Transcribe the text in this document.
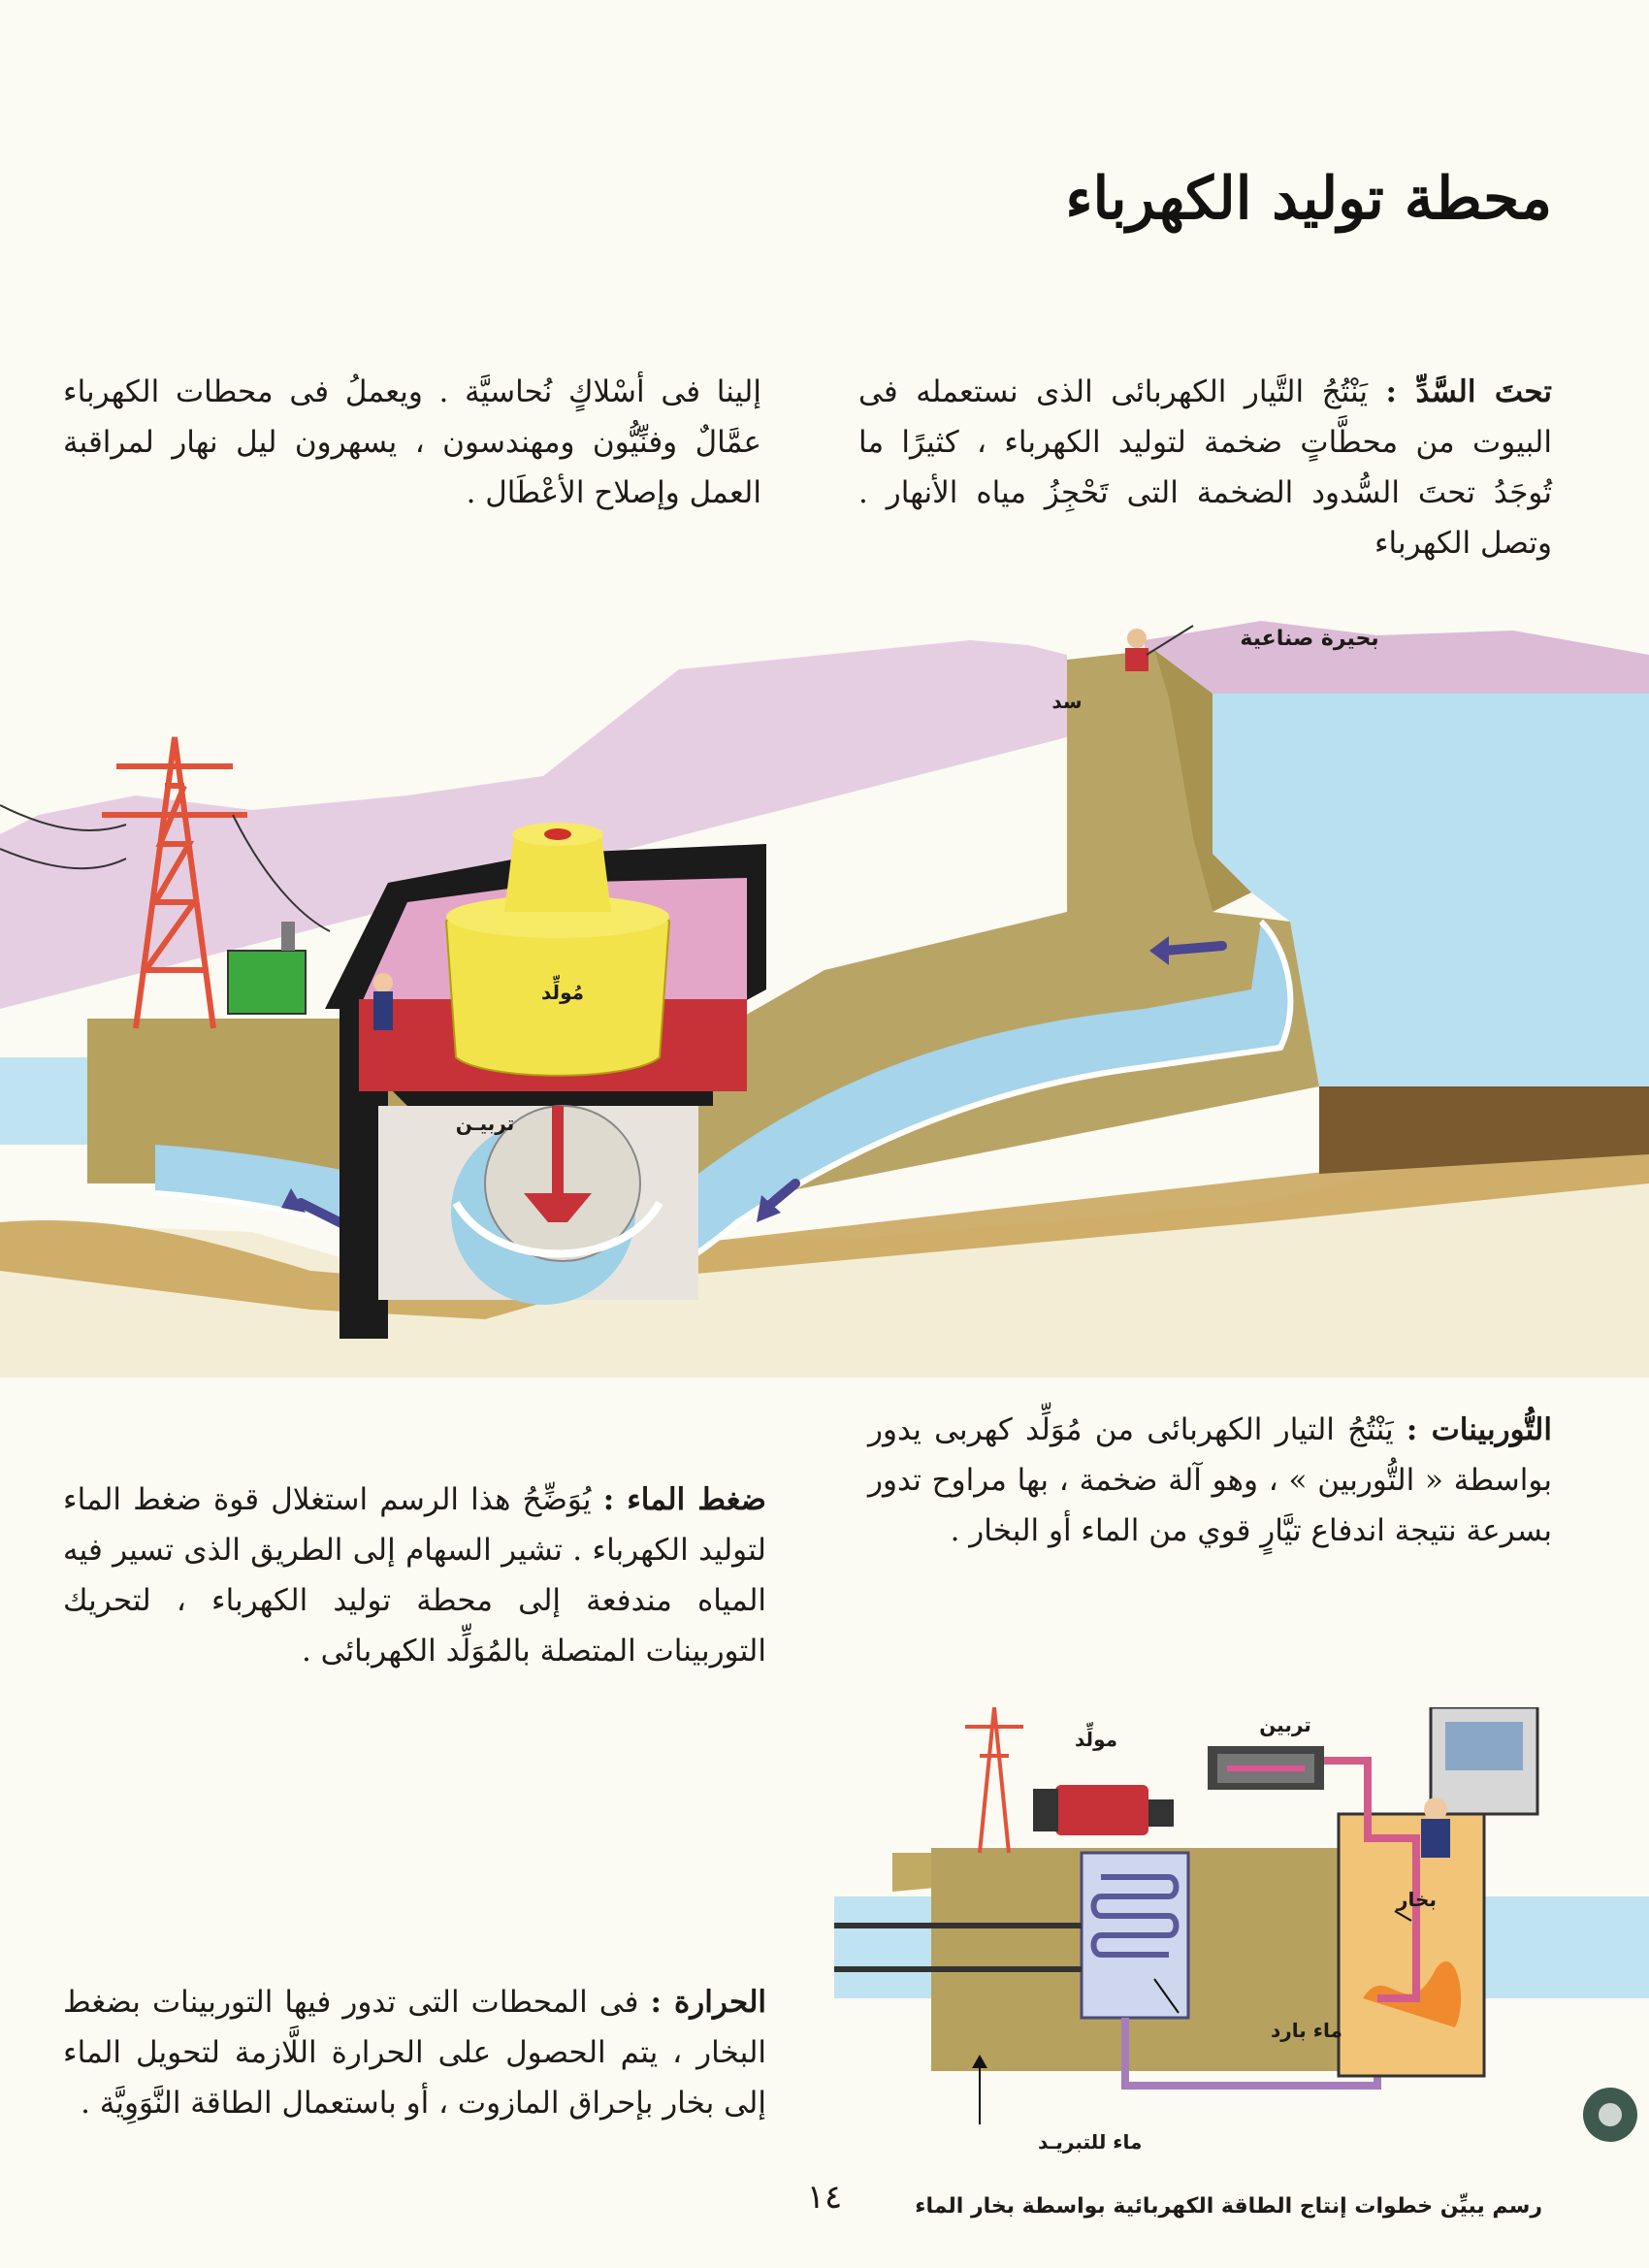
محطة توليد الكهرباء
تحتَ السَّدِّ : يَنْتُجُ التَّيار الكهربائى الذى نستعمله فى البيوت من محطَّاتٍ ضخمة لتوليد الكهرباء ، كثيرًا ما تُوجَدُ تحتَ السُّدود الضخمة التى تَحْجِزُ مياه الأنهار . وتصل الكهرباء
إلينا فى أسْلاكٍ نُحاسيَّة . ويعملُ فى محطات الكهرباء عمَّالٌ وفنِّيُّون ومهندسون ، يسهرون ليل نهار لمراقبة العمل وإصلاح الأعْطَال .
بحيرة صناعية
سد
مُولِّد
تربيـن
التُّوربينات : يَنْتُجُ التيار الكهربائى من مُوَلِّد كهربى يدور بواسطة « التُّوربين » ، وهو آلة ضخمة ، بها مراوح تدور بسرعة نتيجة اندفاع تيَّارٍ قوي من الماء أو البخار .
ضغط الماء : يُوَضِّحُ هذا الرسم استغلال قوة ضغط الماء لتوليد الكهرباء . تشير السهام إلى الطريق الذى تسير فيه المياه مندفعة إلى محطة توليد الكهرباء ، لتحريك التوربينات المتصلة بالمُوَلِّد الكهربائى .
مولِّد
تربين
بخار
ماء بارد
ماء للتبريـد
الحرارة : فى المحطات التى تدور فيها التوربينات بضغط البخار ، يتم الحصول على الحرارة اللَّازمة لتحويل الماء إلى بخار بإحراق المازوت ، أو باستعمال الطاقة النَّوَوِيَّة .
١٤	رسم يبيِّن خطوات إنتاج الطاقة الكهربائية بواسطة بخار الماء
